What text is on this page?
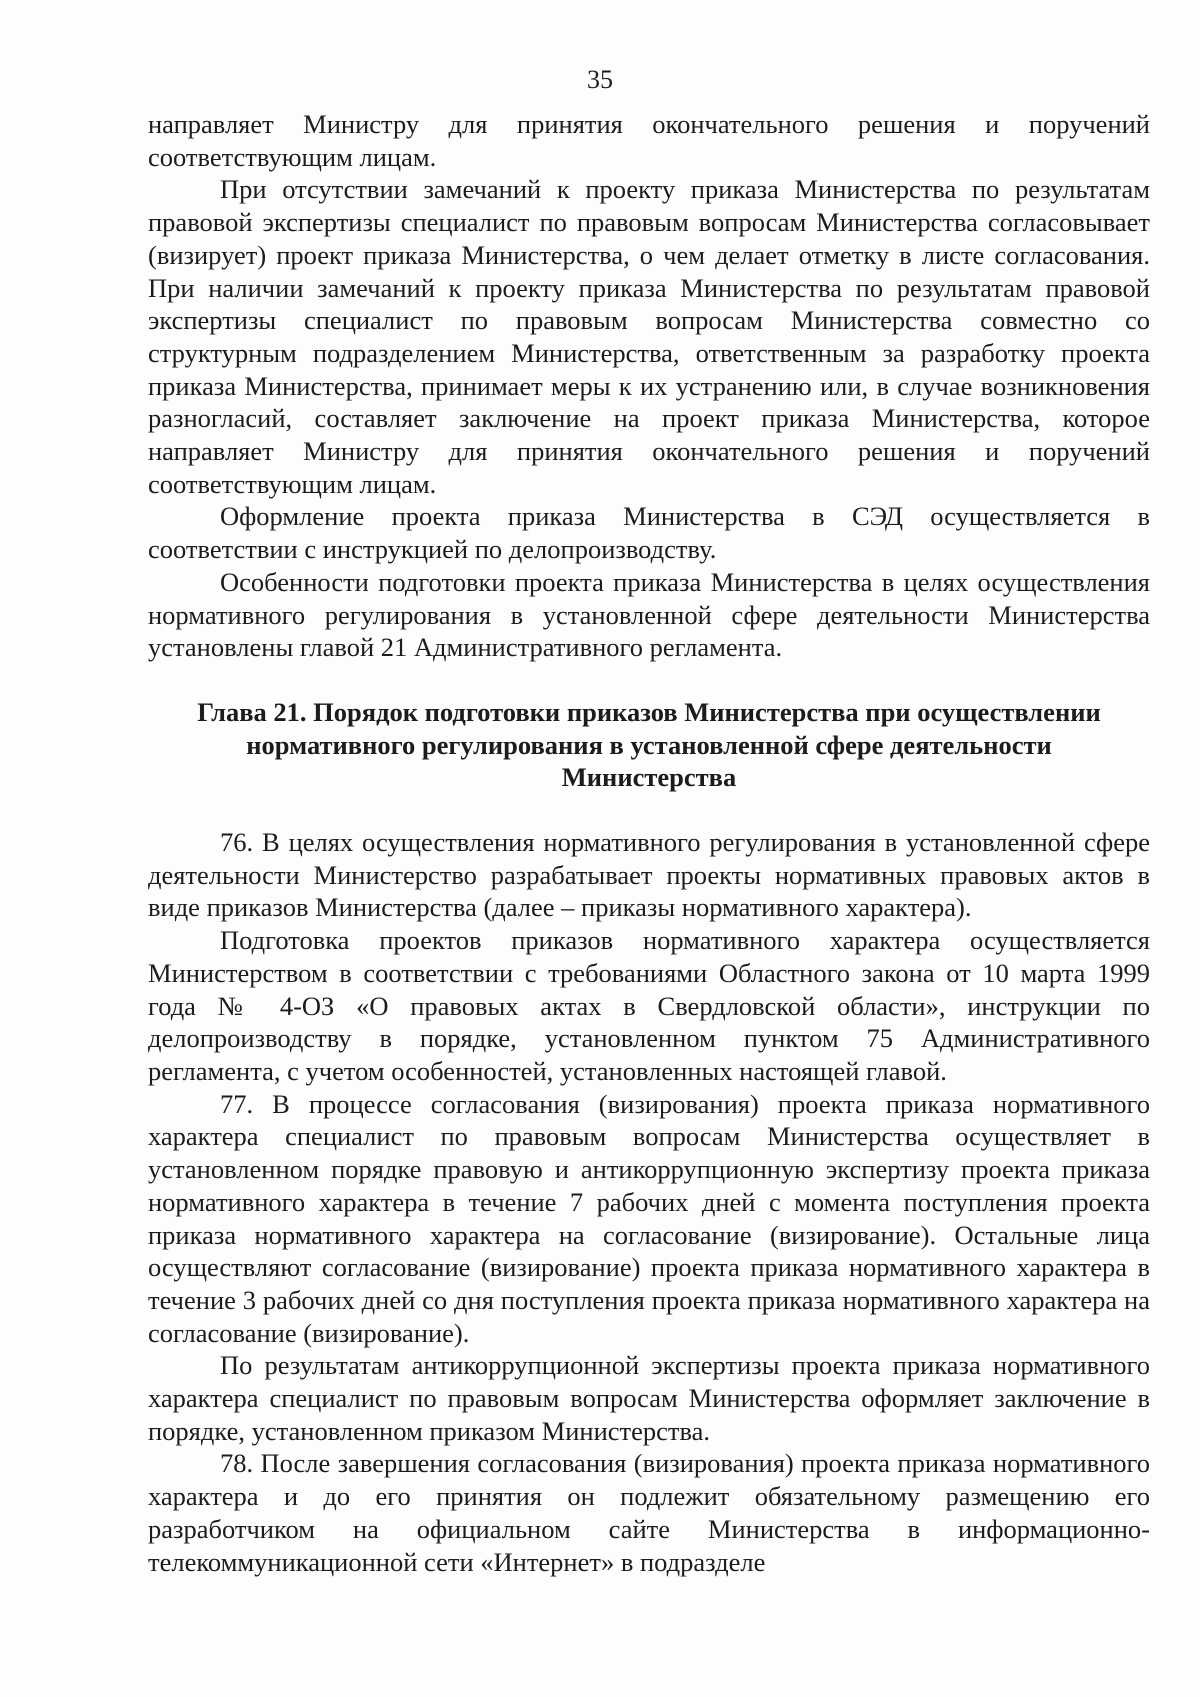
35

направляет Министру для принятия окончательного решения и поручений соответствующим лицам.

При отсутствии замечаний к проекту приказа Министерства по результатам правовой экспертизы специалист по правовым вопросам Министерства согласовывает (визирует) проект приказа Министерства, о чем делает отметку в листе согласования. При наличии замечаний к проекту приказа Министерства по результатам правовой экспертизы специалист по правовым вопросам Министерства совместно со структурным подразделением Министерства, ответственным за разработку проекта приказа Министерства, принимает меры к их устранению или, в случае возникновения разногласий, составляет заключение на проект приказа Министерства, которое направляет Министру для принятия окончательного решения и поручений соответствующим лицам.

Оформление проекта приказа Министерства в СЭД осуществляется в соответствии с инструкцией по делопроизводству.

Особенности подготовки проекта приказа Министерства в целях осуществления нормативного регулирования в установленной сфере деятельности Министерства установлены главой 21 Административного регламента.

Глава 21. Порядок подготовки приказов Министерства при осуществлении
нормативного регулирования в установленной сфере деятельности
Министерства

76. В целях осуществления нормативного регулирования в установленной сфере деятельности Министерство разрабатывает проекты нормативных правовых актов в виде приказов Министерства (далее – приказы нормативного характера).

Подготовка проектов приказов нормативного характера осуществляется Министерством в соответствии с требованиями Областного закона от 10 марта 1999 года № 4-ОЗ «О правовых актах в Свердловской области», инструкции по делопроизводству в порядке, установленном пунктом 75 Административного регламента, с учетом особенностей, установленных настоящей главой.

77. В процессе согласования (визирования) проекта приказа нормативного характера специалист по правовым вопросам Министерства осуществляет в установленном порядке правовую и антикоррупционную экспертизу проекта приказа нормативного характера в течение 7 рабочих дней с момента поступления проекта приказа нормативного характера на согласование (визирование). Остальные лица осуществляют согласование (визирование) проекта приказа нормативного характера в течение 3 рабочих дней со дня поступления проекта приказа нормативного характера на согласование (визирование).

По результатам антикоррупционной экспертизы проекта приказа нормативного характера специалист по правовым вопросам Министерства оформляет заключение в порядке, установленном приказом Министерства.

78. После завершения согласования (визирования) проекта приказа нормативного характера и до его принятия он подлежит обязательному размещению его разработчиком на официальном сайте Министерства в информационно-телекоммуникационной сети «Интернет» в подразделе
